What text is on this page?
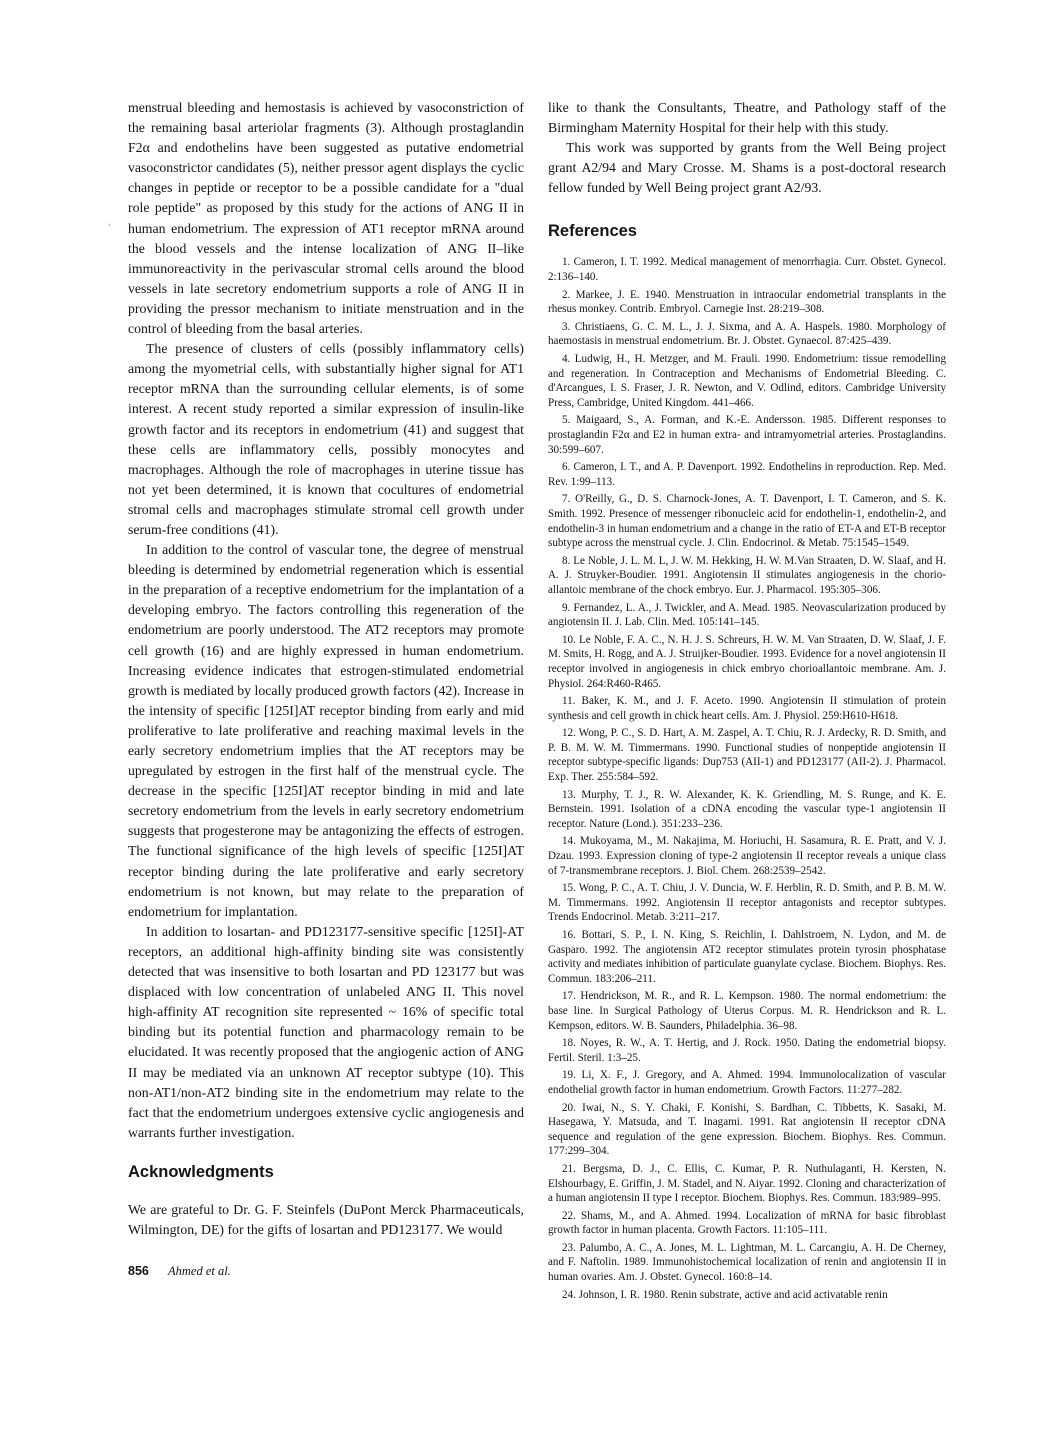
,

menstrual bleeding and hemostasis is achieved by vasoconstriction of the remaining basal arteriolar fragments (3). Although prostaglandin F2α and endothelins have been suggested as putative endometrial vasoconstrictor candidates (5), neither pressor agent displays the cyclic changes in peptide or receptor to be a possible candidate for a "dual role peptide" as proposed by this study for the actions of ANG II in human endometrium. The expression of AT1 receptor mRNA around the blood vessels and the intense localization of ANG II–like immunoreactivity in the perivascular stromal cells around the blood vessels in late secretory endometrium supports a role of ANG II in providing the pressor mechanism to initiate menstruation and in the control of bleeding from the basal arteries.

The presence of clusters of cells (possibly inflammatory cells) among the myometrial cells, with substantially higher signal for AT1 receptor mRNA than the surrounding cellular elements, is of some interest. A recent study reported a similar expression of insulin-like growth factor and its receptors in endometrium (41) and suggest that these cells are inflammatory cells, possibly monocytes and macrophages. Although the role of macrophages in uterine tissue has not yet been determined, it is known that cocultures of endometrial stromal cells and macrophages stimulate stromal cell growth under serum-free conditions (41).

In addition to the control of vascular tone, the degree of menstrual bleeding is determined by endometrial regeneration which is essential in the preparation of a receptive endometrium for the implantation of a developing embryo. The factors controlling this regeneration of the endometrium are poorly understood. The AT2 receptors may promote cell growth (16) and are highly expressed in human endometrium. Increasing evidence indicates that estrogen-stimulated endometrial growth is mediated by locally produced growth factors (42). Increase in the intensity of specific [125I]AT receptor binding from early and mid proliferative to late proliferative and reaching maximal levels in the early secretory endometrium implies that the AT receptors may be upregulated by estrogen in the first half of the menstrual cycle. The decrease in the specific [125I]AT receptor binding in mid and late secretory endometrium from the levels in early secretory endometrium suggests that progesterone may be antagonizing the effects of estrogen. The functional significance of the high levels of specific [125I]AT receptor binding during the late proliferative and early secretory endometrium is not known, but may relate to the preparation of endometrium for implantation.

In addition to losartan- and PD123177-sensitive specific [125I]-AT receptors, an additional high-affinity binding site was consistently detected that was insensitive to both losartan and PD 123177 but was displaced with low concentration of unlabeled ANG II. This novel high-affinity AT recognition site represented ~ 16% of specific total binding but its potential function and pharmacology remain to be elucidated. It was recently proposed that the angiogenic action of ANG II may be mediated via an unknown AT receptor subtype (10). This non-AT1/non-AT2 binding site in the endometrium may relate to the fact that the endometrium undergoes extensive cyclic angiogenesis and warrants further investigation.

Acknowledgments

We are grateful to Dr. G. F. Steinfels (DuPont Merck Pharmaceuticals, Wilmington, DE) for the gifts of losartan and PD123177. We would

like to thank the Consultants, Theatre, and Pathology staff of the Birmingham Maternity Hospital for their help with this study.

This work was supported by grants from the Well Being project grant A2/94 and Mary Crosse. M. Shams is a post-doctoral research fellow funded by Well Being project grant A2/93.

References
1. Cameron, I. T. 1992. Medical management of menorrhagia. Curr. Obstet. Gynecol. 2:136–140.
2. Markee, J. E. 1940. Menstruation in intraocular endometrial transplants in the rhesus monkey. Contrib. Embryol. Carnegie Inst. 28:219–308.
3. Christiaens, G. C. M. L., J. J. Sixma, and A. A. Haspels. 1980. Morphology of haemostasis in menstrual endometrium. Br. J. Obstet. Gynaecol. 87:425–439.
4. Ludwig, H., H. Metzger, and M. Frauli. 1990. Endometrium: tissue remodelling and regeneration. In Contraception and Mechanisms of Endometrial Bleeding. C. d'Arcangues, I. S. Fraser, J. R. Newton, and V. Odlind, editors. Cambridge University Press, Cambridge, United Kingdom. 441–466.
5. Maigaard, S., A. Forman, and K.-E. Andersson. 1985. Different responses to prostaglandin F2α and E2 in human extra- and intramyometrial arteries. Prostaglandins. 30:599–607.
6. Cameron, I. T., and A. P. Davenport. 1992. Endothelins in reproduction. Rep. Med. Rev. 1:99–113.
7. O'Reilly, G., D. S. Charnock-Jones, A. T. Davenport, I. T. Cameron, and S. K. Smith. 1992. Presence of messenger ribonucleic acid for endothelin-1, endothelin-2, and endothelin-3 in human endometrium and a change in the ratio of ET-A and ET-B receptor subtype across the menstrual cycle. J. Clin. Endocrinol. & Metab. 75:1545–1549.
8. Le Noble, J. L. M. L, J. W. M. Hekking, H. W. M.Van Straaten, D. W. Slaaf, and H. A. J. Struyker-Boudier. 1991. Angiotensin II stimulates angiogenesis in the chorio-allantoic membrane of the chock embryo. Eur. J. Pharmacol. 195:305–306.
9. Fernandez, L. A., J. Twickler, and A. Mead. 1985. Neovascularization produced by angiotensin II. J. Lab. Clin. Med. 105:141–145.
10. Le Noble, F. A. C., N. H. J. S. Schreurs, H. W. M. Van Straaten, D. W. Slaaf, J. F. M. Smits, H. Rogg, and A. J. Struijker-Boudier. 1993. Evidence for a novel angiotensin II receptor involved in angiogenesis in chick embryo chorioallantoic membrane. Am. J. Physiol. 264:R460-R465.
11. Baker, K. M., and J. F. Aceto. 1990. Angiotensin II stimulation of protein synthesis and cell growth in chick heart cells. Am. J. Physiol. 259:H610-H618.
12. Wong, P. C., S. D. Hart, A. M. Zaspel, A. T. Chiu, R. J. Ardecky, R. D. Smith, and P. B. M. W. M. Timmermans. 1990. Functional studies of nonpeptide angiotensin II receptor subtype-specific ligands: Dup753 (AII-1) and PD123177 (AII-2). J. Pharmacol. Exp. Ther. 255:584–592.
13. Murphy, T. J., R. W. Alexander, K. K. Griendling, M. S. Runge, and K. E. Bernstein. 1991. Isolation of a cDNA encoding the vascular type-1 angiotensin II receptor. Nature (Lond.). 351:233–236.
14. Mukoyama, M., M. Nakajima, M. Horiuchi, H. Sasamura, R. E. Pratt, and V. J. Dzau. 1993. Expression cloning of type-2 angiotensin II receptor reveals a unique class of 7-transmembrane receptors. J. Biol. Chem. 268:2539–2542.
15. Wong, P. C., A. T. Chiu, J. V. Duncia, W. F. Herblin, R. D. Smith, and P. B. M. W. M. Timmermans. 1992. Angiotensin II receptor antagonists and receptor subtypes. Trends Endocrinol. Metab. 3:211–217.
16. Bottari, S. P., I. N. King, S. Reichlin, I. Dahlstroem, N. Lydon, and M. de Gasparo. 1992. The angiotensin AT2 receptor stimulates protein tyrosin phosphatase activity and mediates inhibition of particulate guanylate cyclase. Biochem. Biophys. Res. Commun. 183:206–211.
17. Hendrickson, M. R., and R. L. Kempson. 1980. The normal endometrium: the base line. In Surgical Pathology of Uterus Corpus. M. R. Hendrickson and R. L. Kempson, editors. W. B. Saunders, Philadelphia. 36–98.
18. Noyes, R. W., A. T. Hertig, and J. Rock. 1950. Dating the endometrial biopsy. Fertil. Steril. 1:3–25.
19. Li, X. F., J. Gregory, and A. Ahmed. 1994. Immunolocalization of vascular endothelial growth factor in human endometrium. Growth Factors. 11:277–282.
20. Iwai, N., S. Y. Chaki, F. Konishi, S. Bardhan, C. Tibbetts, K. Sasaki, M. Hasegawa, Y. Matsuda, and T. Inagami. 1991. Rat angiotensin II receptor cDNA sequence and regulation of the gene expression. Biochem. Biophys. Res. Commun. 177:299–304.
21. Bergsma, D. J., C. Ellis, C. Kumar, P. R. Nuthulaganti, H. Kersten, N. Elshourbagy, E. Griffin, J. M. Stadel, and N. Aiyar. 1992. Cloning and characterization of a human angiotensin II type I receptor. Biochem. Biophys. Res. Commun. 183:989–995.
22. Shams, M., and A. Ahmed. 1994. Localization of mRNA for basic fibroblast growth factor in human placenta. Growth Factors. 11:105–111.
23. Palumbo, A. C., A. Jones, M. L. Lightman, M. L. Carcangiu, A. H. De Cherney, and F. Naftolin. 1989. Immunohistochemical localization of renin and angiotensin II in human ovaries. Am. J. Obstet. Gynecol. 160:8–14.
24. Johnson, I. R. 1980. Renin substrate, active and acid activatable renin
856 Ahmed et al.
